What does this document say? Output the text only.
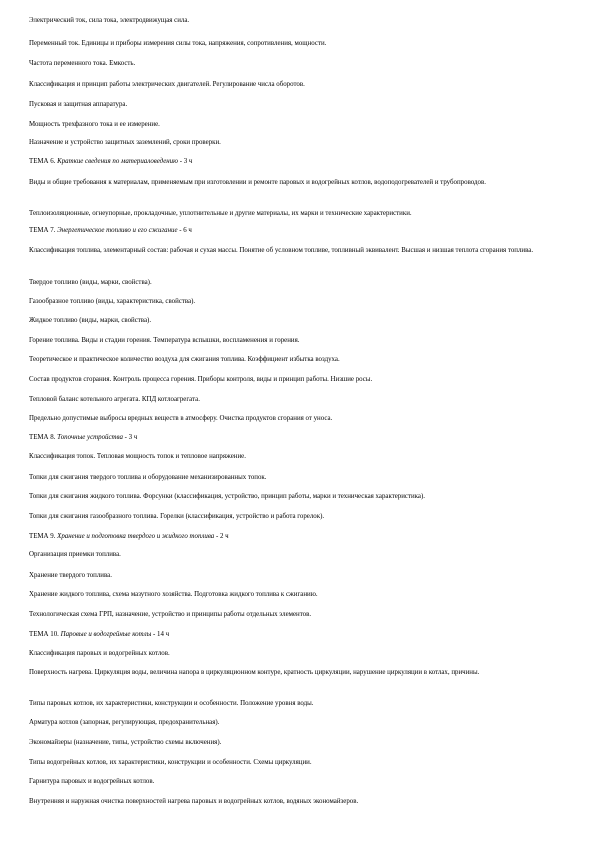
Электрический ток, сила тока, электродвижущая сила.
Переменный ток. Единицы и приборы измерения силы тока, напряжения, сопротивления, мощности.
Частота переменного тока. Емкость.
Классификация и принцип работы электрических двигателей. Регулирование числа оборотов.
Пусковая и защитная аппаратура.
Мощность трехфазного тока и ее измерение.
Назначение и устройство защитных заземлений, сроки проверки.
ТЕМА 6. Краткие сведения по материаловедению - 3 ч
Виды и общие требования к материалам, применяемым при изготовлении и ремонте паровых и водогрейных котлов, водоподогревателей и трубопроводов.
Теплоизоляционные, огнеупорные, прокладочные, уплотнительные и другие материалы, их марки и технические характеристики.
ТЕМА 7. Энергетическое топливо и его сжигание - 6 ч
Классификация топлива, элементарный состав: рабочая и сухая массы. Понятие об условном топливе, топливный эквивалент. Высшая и низшая теплота сгорания топлива.
Твердое топливо (виды, марки, свойства).
Газообразное топливо (виды, характеристика, свойства).
Жидкое топливо (виды, марки, свойства).
Горение топлива. Виды и стадии горения. Температура вспышки, воспламенения и горения.
Теоретическое и практическое количество воздуха для сжигания топлива. Коэффициент избытка воздуха.
Состав продуктов сгорания. Контроль процесса горения. Приборы контроля, виды и принцип работы. Низшие росы.
Тепловой баланс котельного агрегата. КПД котлоагрегата.
Предельно допустимые выбросы вредных веществ в атмосферу. Очистка продуктов сгорания от уноса.
ТЕМА 8. Топочные устройства - 3 ч
Классификация топок. Тепловая мощность топок и тепловое напряжение.
Топки для сжигания твердого топлива и оборудование механизированных топок.
Топки для сжигания жидкого топлива. Форсунки (классификация, устройство, принцип работы, марки и техническая характеристика).
Топки для сжигания газообразного топлива. Горелки (классификация, устройство и работа горелок).
ТЕМА 9. Хранение и подготовка твердого и жидкого топлива - 2 ч
Организация приемки топлива.
Хранение твердого топлива.
Хранение жидкого топлива, схема мазутного хозяйства. Подготовка жидкого топлива к сжиганию.
Технологическая схема ГРП, назначение, устройство и принципы работы отдельных элементов.
ТЕМА 10. Паровые и водогрейные котлы - 14 ч
Классификация паровых и водогрейных котлов.
Поверхность нагрева. Циркуляция воды, величина напора в циркуляционном контуре, кратность циркуляции, нарушение циркуляции в котлах, причины.
Типы паровых котлов, их характеристики, конструкции и особенности. Положение уровня воды.
Арматура котлов (запорная, регулирующая, предохранительная).
Экономайзеры (назначение, типы, устройство схемы включения).
Типы водогрейных котлов, их характеристики, конструкции и особенности. Схемы циркуляции.
Гарнитура паровых и водогрейных котлов.
Внутренняя и наружная очистка поверхностей нагрева паровых и водогрейных котлов, водяных экономайзеров.
